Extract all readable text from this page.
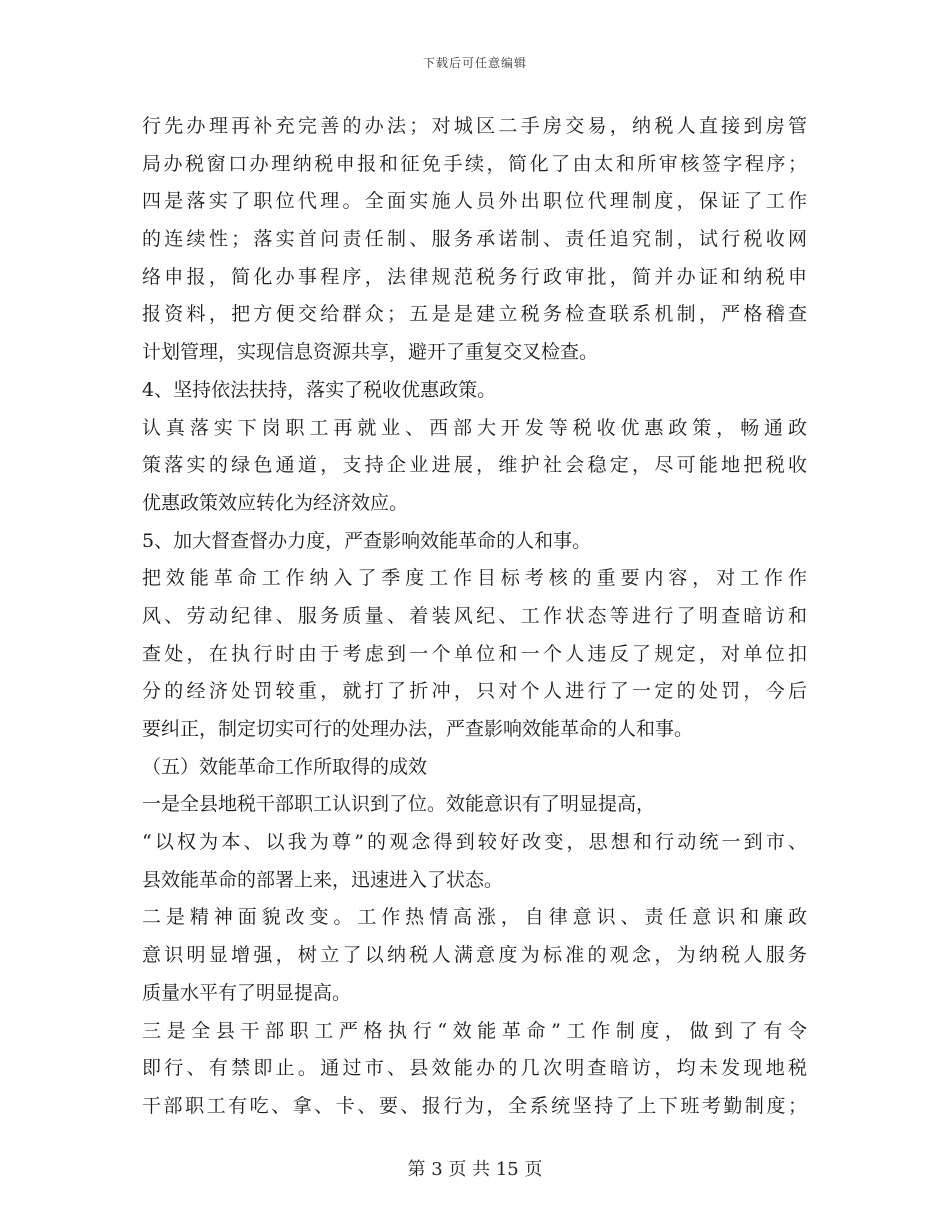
下载后可任意编辑
行先办理再补充完善的办法；对城区二手房交易，纳税人直接到房管
局办税窗口办理纳税申报和征免手续，简化了由太和所审核签字程序；
四是落实了职位代理。全面实施人员外出职位代理制度，保证了工作
的连续性；落实首问责任制、服务承诺制、责任追究制，试行税收网
络申报，简化办事程序，法律规范税务行政审批，简并办证和纳税申
报资料，把方便交给群众；五是是建立税务检查联系机制，严格稽查
计划管理，实现信息资源共享，避开了重复交叉检查。
4、坚持依法扶持，落实了税收优惠政策。
认真落实下岗职工再就业、西部大开发等税收优惠政策，畅通政
策落实的绿色通道，支持企业进展，维护社会稳定，尽可能地把税收
优惠政策效应转化为经济效应。
5、加大督查督办力度，严查影响效能革命的人和事。
把效能革命工作纳入了季度工作目标考核的重要内容，对工作作
风、劳动纪律、服务质量、着装风纪、工作状态等进行了明查暗访和
查处，在执行时由于考虑到一个单位和一个人违反了规定，对单位扣
分的经济处罚较重，就打了折冲，只对个人进行了一定的处罚，今后
要纠正，制定切实可行的处理办法，严查影响效能革命的人和事。
（五）效能革命工作所取得的成效
一是全县地税干部职工认识到了位。效能意识有了明显提高，
“以权为本、以我为尊”的观念得到较好改变，思想和行动统一到市、
县效能革命的部署上来，迅速进入了状态。
二是精神面貌改变。工作热情高涨，自律意识、责任意识和廉政
意识明显增强，树立了以纳税人满意度为标准的观念，为纳税人服务
质量水平有了明显提高。
三是全县干部职工严格执行“效能革命”工作制度，做到了有令
即行、有禁即止。通过市、县效能办的几次明查暗访，均未发现地税
干部职工有吃、拿、卡、要、报行为，全系统坚持了上下班考勤制度；
第 3 页 共 15 页
